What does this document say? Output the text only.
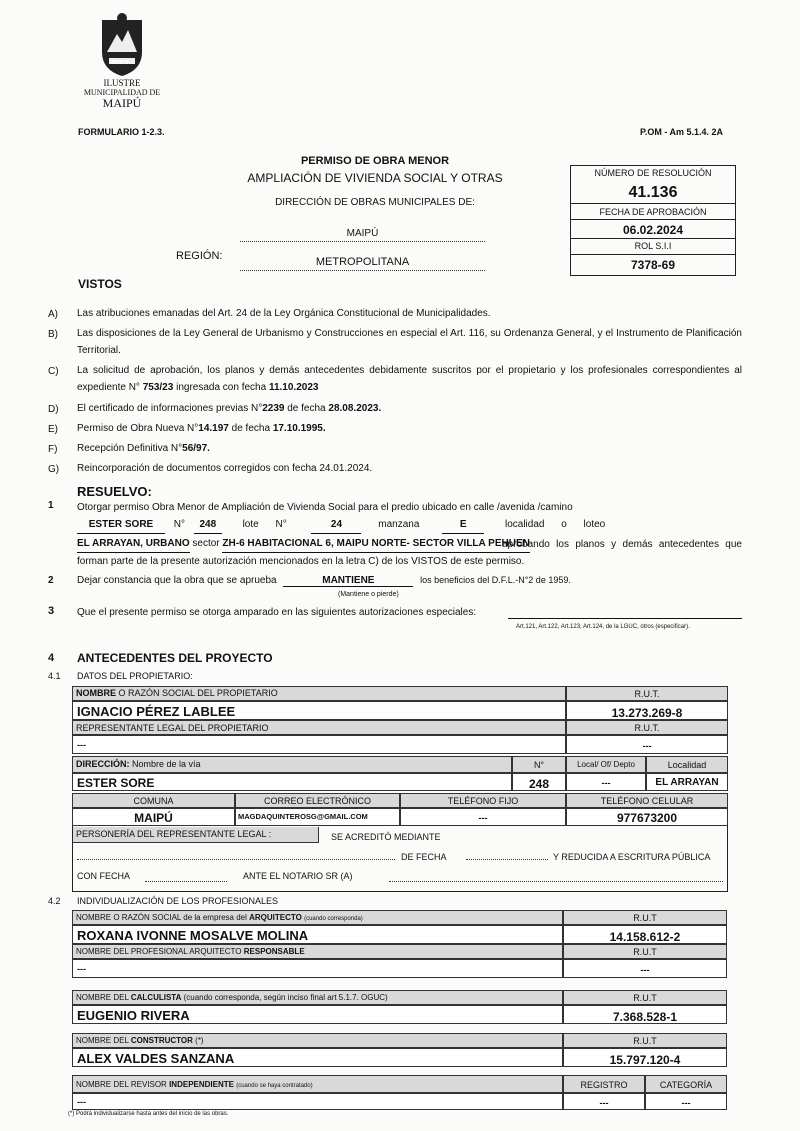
MAIPU
ILUSTRE
MUNICIPALIDAD DE
MAIPÚ
FORMULARIO 1-2.3.	P.OM - Am 5.1.4. 2A
PERMISO DE OBRA MENOR
AMPLIACIÓN DE VIVIENDA SOCIAL Y OTRAS
DIRECCIÓN DE OBRAS MUNICIPALES DE:
MAIPÚ
REGIÓN:	METROPOLITANA
NÚMERO DE RESOLUCIÓN
41.136
FECHA DE APROBACIÓN
06.02.2024
ROL S.I.I
7378-69
VISTOS
A) Las atribuciones emanadas del Art. 24 de la Ley Orgánica Constitucional de Municipalidades.
B) Las disposiciones de la Ley General de Urbanismo y Construcciones en especial el Art. 116, su Ordenanza General, y el Instrumento de Planificación Territorial.
C) La solicitud de aprobación, los planos y demás antecedentes debidamente suscritos por el propietario y los profesionales correspondientes al expediente N° 753/23 ingresada con fecha 11.10.2023
D) El certificado de informaciones previas N°2239 de fecha 28.08.2023.
E) Permiso de Obra Nueva N°14.197 de fecha 17.10.1995.
F) Recepción Definitiva N°56/97.
G) Reincorporación de documentos corregidos con fecha 24.01.2024.
RESUELVO:
1 Otorgar permiso Obra Menor de Ampliación de Vivienda Social para el predio ubicado en calle /avenida /camino
ESTER SORE N° 248	lote N°	24	manzana	E	localidad o loteo
EL ARRAYAN, URBANO sector ZH-6 HABITACIONAL 6, MAIPU NORTE- SECTOR VILLA PEHUEN
aprobando los planos y demás antecedentes que forman parte de la presente autorización mencionados en la letra C) de los VISTOS de este permiso.
2 Dejar constancia que la obra que se aprueba	MANTIENE	los beneficios del D.F.L.-N°2 de 1959.
(Mantiene o pierde)
3 Que el presente permiso se otorga amparado en las siguientes autorizaciones especiales:
Art.121, Art.122, Art.123, Art.124, de la LGUC, otros (especificar).
4 ANTECEDENTES DEL PROYECTO
4.1 DATOS DEL PROPIETARIO:
NOMBRE O RAZÓN SOCIAL DEL PROPIETARIO	R.U.T.
IGNACIO PÉREZ LABLEE	13.273.269-8
REPRESENTANTE LEGAL DEL PROPIETARIO	R.U.T.
---	---
DIRECCIÓN: Nombre de la vía	N°	Local/ Of/ Depto	Localidad
ESTER SORE	248	---	EL ARRAYAN
COMUNA	CORREO ELECTRÓNICO	TELÉFONO FIJO	TELÉFONO CELULAR
MAIPÚ	MAGDAQUINTEROSG@GMAIL.COM	---	977673200
PERSONERÍA DEL REPRESENTANTE LEGAL :	SE ACREDITÓ MEDIANTE
DE FECHA	Y REDUCIDA A ESCRITURA PÚBLICA
CON FECHA	ANTE EL NOTARIO SR (A)
4.2 INDIVIDUALIZACIÓN DE LOS PROFESIONALES
NOMBRE O RAZÓN SOCIAL de la empresa del ARQUITECTO (cuando corresponda)	R.U.T
ROXANA IVONNE MOSALVE MOLINA	14.158.612-2
NOMBRE DEL PROFESIONAL ARQUITECTO RESPONSABLE	R.U.T
---	---
NOMBRE DEL CALCULISTA (cuando corresponda, según inciso final art 5.1.7. OGUC)	R.U.T
EUGENIO RIVERA	7.368.528-1
NOMBRE DEL CONSTRUCTOR (*)	R.U.T
ALEX VALDES SANZANA	15.797.120-4
NOMBRE DEL REVISOR INDEPENDIENTE (cuando se haya contratado)	REGISTRO	CATEGORÍA
---	---	---
(*) Podrá individualizarse hasta antes del inicio de las obras.
